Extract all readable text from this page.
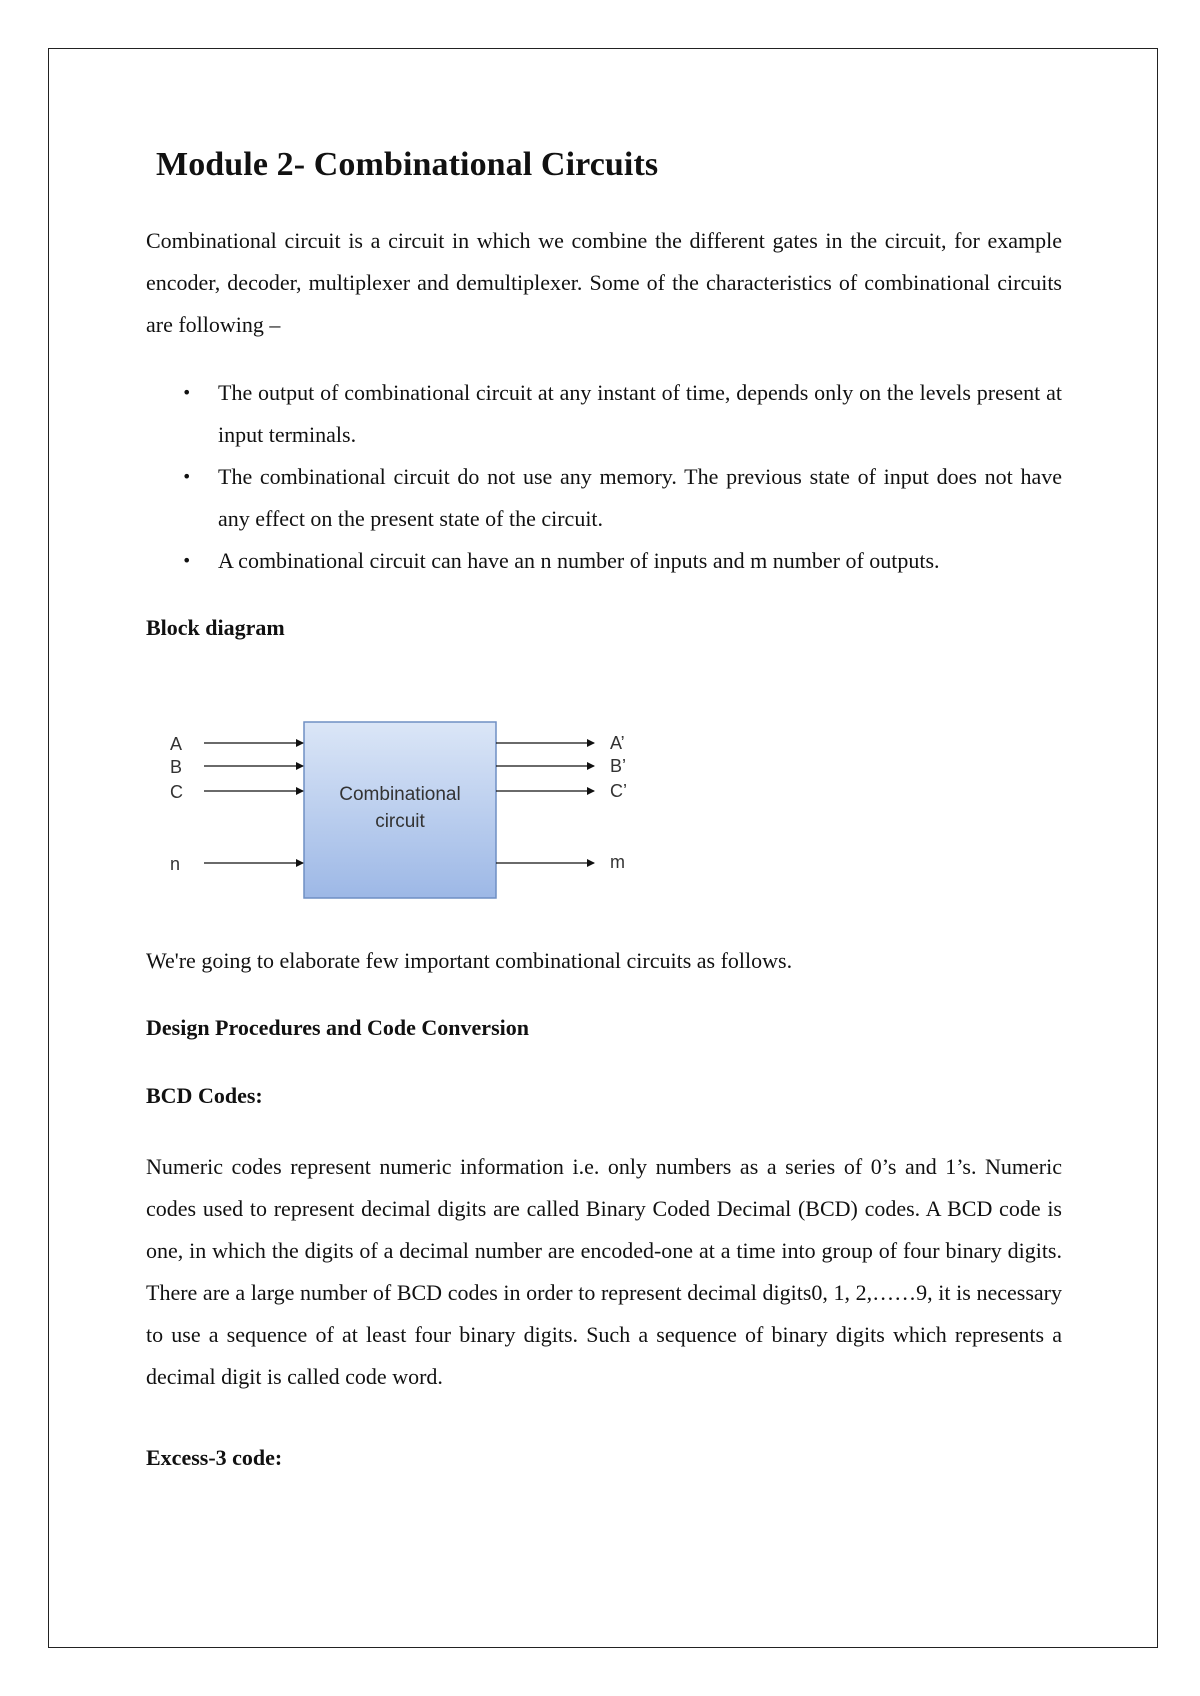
Module 2- Combinational Circuits

Combinational circuit is a circuit in which we combine the different gates in the circuit, for example encoder, decoder, multiplexer and demultiplexer. Some of the characteristics of combinational circuits are following –

• The output of combinational circuit at any instant of time, depends only on the levels present at input terminals.
• The combinational circuit do not use any memory. The previous state of input does not have any effect on the present state of the circuit.
• A combinational circuit can have an n number of inputs and m number of outputs.
Block diagram
Combinational
circuit
A
B
C
n
A’
B’
C’
m

We're going to elaborate few important combinational circuits as follows.

Design Procedures and Code Conversion
BCD Codes:

Numeric codes represent numeric information i.e. only numbers as a series of 0’s and 1’s. Numeric codes used to represent decimal digits are called Binary Coded Decimal (BCD) codes. A BCD code is one, in which the digits of a decimal number are encoded-one at a time into group of four binary digits. There are a large number of BCD codes in order to represent decimal digits0, 1, 2,……9, it is necessary to use a sequence of at least four binary digits. Such a sequence of binary digits which represents a decimal digit is called code word.

Excess-3 code:
